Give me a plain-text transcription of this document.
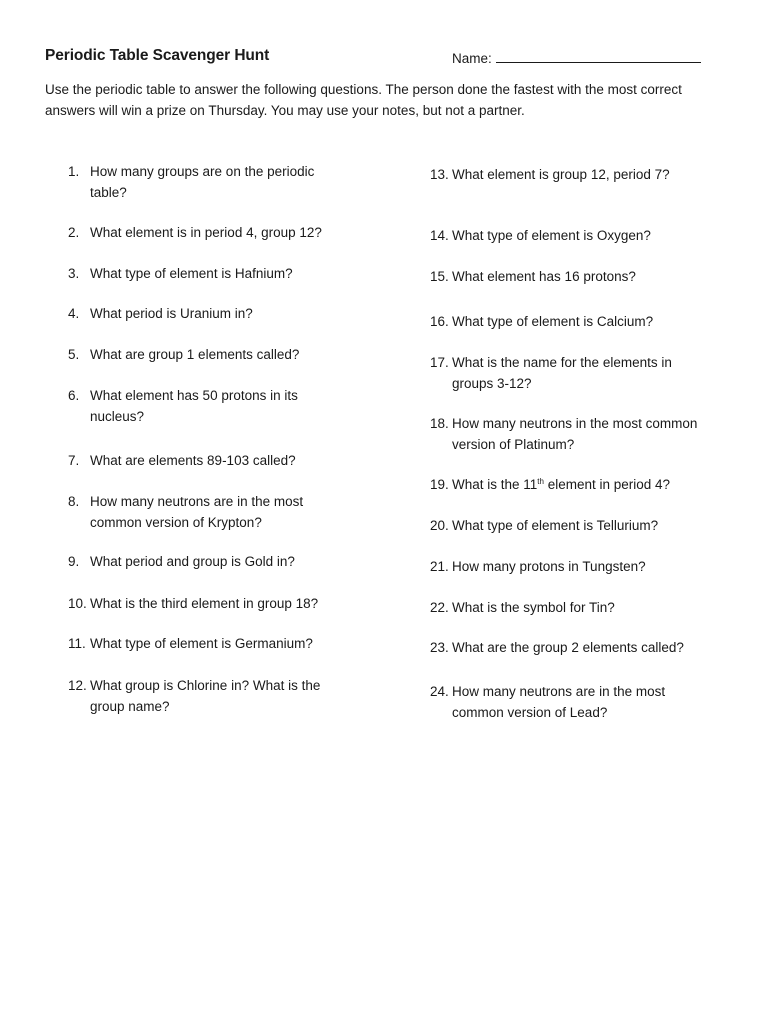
Periodic Table Scavenger Hunt	Name:
Use the periodic table to answer the following questions. The person done the fastest with the most correct answers will win a prize on Thursday. You may use your notes, but not a partner.
1. How many groups are on the periodic table?
2. What element is in period 4, group 12?
3. What type of element is Hafnium?
4. What period is Uranium in?
5. What are group 1 elements called?
6. What element has 50 protons in its nucleus?
7. What are elements 89-103 called?
8. How many neutrons are in the most common version of Krypton?
9. What period and group is Gold in?
10. What is the third element in group 18?
11. What type of element is Germanium?
12. What group is Chlorine in? What is the group name?
13. What element is group 12, period 7?
14. What type of element is Oxygen?
15. What element has 16 protons?
16. What type of element is Calcium?
17. What is the name for the elements in groups 3-12?
18. How many neutrons in the most common version of Platinum?
19. What is the 11th element in period 4?
20. What type of element is Tellurium?
21. How many protons in Tungsten?
22. What is the symbol for Tin?
23. What are the group 2 elements called?
24. How many neutrons are in the most common version of Lead?
